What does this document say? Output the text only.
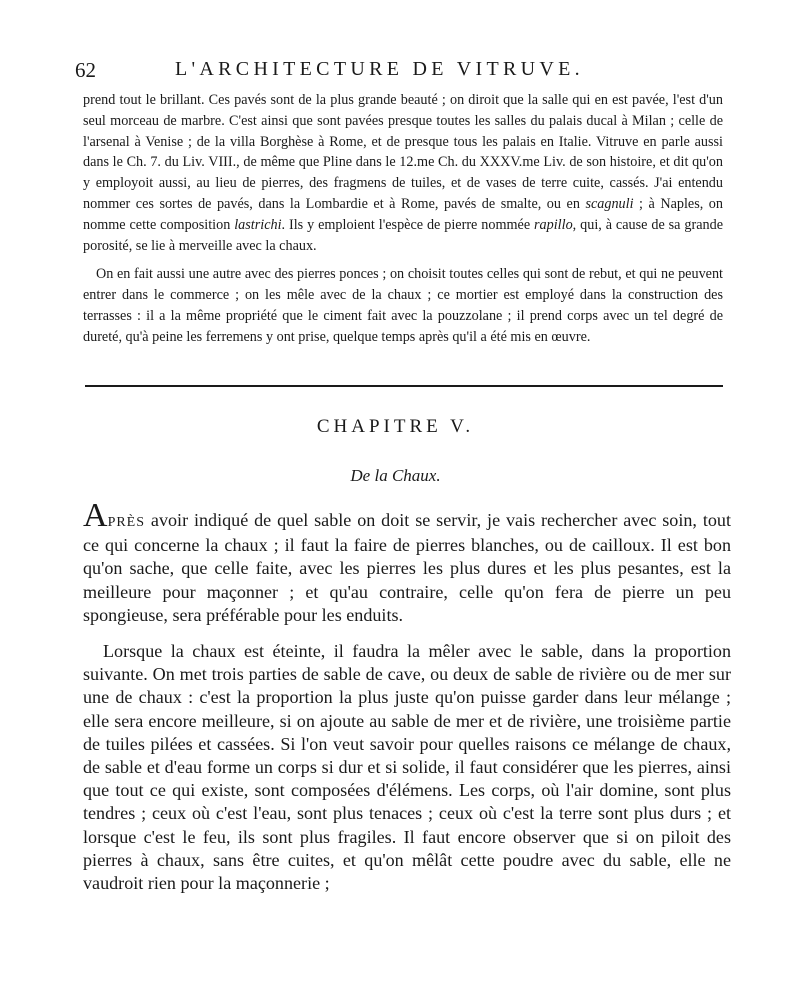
62	L'ARCHITECTURE DE VITRUVE.

prend tout le brillant. Ces pavés sont de la plus grande beauté ; on diroit que la salle qui en est pavée, l'est d'un seul morceau de marbre. C'est ainsi que sont pavées presque toutes les salles du palais ducal à Milan ; celle de l'arsenal à Venise ; de la villa Borghèse à Rome, et de presque tous les palais en Italie. Vitruve en parle aussi dans le Ch. 7. du Liv. VIII., de même que Pline dans le 12.me Ch. du XXXV.me Liv. de son histoire, et dit qu'on y employoit aussi, au lieu de pierres, des fragmens de tuiles, et de vases de terre cuite, cassés. J'ai entendu nommer ces sortes de pavés, dans la Lombardie et à Rome, pavés de smalte, ou en scagnuli ; à Naples, on nomme cette composition lastrichi. Ils y emploient l'espèce de pierre nommée rapillo, qui, à cause de sa grande porosité, se lie à merveille avec la chaux.

On en fait aussi une autre avec des pierres ponces ; on choisit toutes celles qui sont de rebut, et qui ne peuvent entrer dans le commerce ; on les mêle avec de la chaux ; ce mortier est employé dans la construction des terrasses : il a la même propriété que le ciment fait avec la pouzzolane ; il prend corps avec un tel degré de dureté, qu'à peine les ferremens y ont prise, quelque temps après qu'il a été mis en œuvre.

CHAPITRE V.
De la Chaux.

APRÈS avoir indiqué de quel sable on doit se servir, je vais rechercher avec soin, tout ce qui concerne la chaux ; il faut la faire de pierres blanches, ou de cailloux. Il est bon qu'on sache, que celle faite, avec les pierres les plus dures et les plus pesantes, est la meilleure pour maçonner ; et qu'au contraire, celle qu'on fera de pierre un peu spongieuse, sera préférable pour les enduits.

Lorsque la chaux est éteinte, il faudra la mêler avec le sable, dans la proportion suivante. On met trois parties de sable de cave, ou deux de sable de rivière ou de mer sur une de chaux : c'est la proportion la plus juste qu'on puisse garder dans leur mélange ; elle sera encore meilleure, si on ajoute au sable de mer et de rivière, une troisième partie de tuiles pilées et cassées. Si l'on veut savoir pour quelles raisons ce mélange de chaux, de sable et d'eau forme un corps si dur et si solide, il faut considérer que les pierres, ainsi que tout ce qui existe, sont composées d'élémens. Les corps, où l'air domine, sont plus tendres ; ceux où c'est l'eau, sont plus tenaces ; ceux où c'est la terre sont plus durs ; et lorsque c'est le feu, ils sont plus fragiles. Il faut encore observer que si on piloit des pierres à chaux, sans être cuites, et qu'on mêlât cette poudre avec du sable, elle ne vaudroit rien pour la maçonnerie ;
